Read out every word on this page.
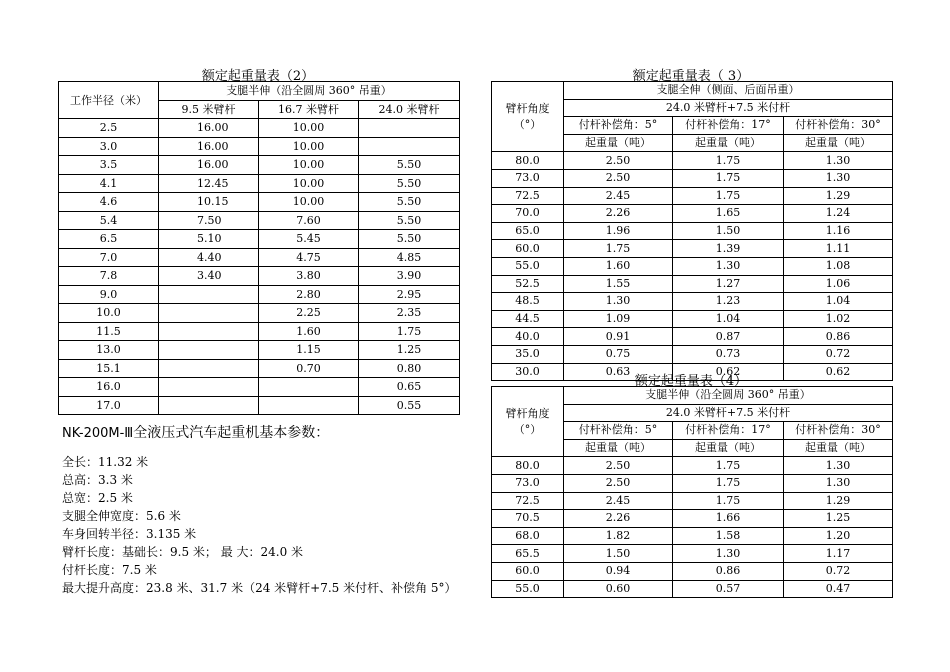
额定起重量表（2）
工作半径（米）	支腿半伸（沿全圆周 360° 吊重）		
	9.5 米臂杆	16.7 米臂杆	24.0 米臂杆
2.5	16.00	10.00	
3.0	16.00	10.00	
3.5	16.00	10.00	5.50
4.1	12.45	10.00	5.50
4.6	10.15	10.00	5.50
5.4	7.50	7.60	5.50
6.5	5.10	5.45	5.50
7.0	4.40	4.75	4.85
7.8	3.40	3.80	3.90
9.0		2.80	2.95
10.0		2.25	2.35
11.5		1.60	1.75
13.0		1.15	1.25
15.1		0.70	0.80
16.0			0.65
17.0			0.55
额定起重量表（ 3）
臂杆角度
（°）	支腿全伸（侧面、后面吊重）		
	24.0 米臂杆+7.5 米付杆		
	付杆补偿角：5°	付杆补偿角：17°	付杆补偿角：30°
	起重量（吨）	起重量（吨）	起重量（吨）
80.0	2.50	1.75	1.30
73.0	2.50	1.75	1.30
72.5	2.45	1.75	1.29
70.0	2.26	1.65	1.24
65.0	1.96	1.50	1.16
60.0	1.75	1.39	1.11
55.0	1.60	1.30	1.08
52.5	1.55	1.27	1.06
48.5	1.30	1.23	1.04
44.5	1.09	1.04	1.02
40.0	0.91	0.87	0.86
35.0	0.75	0.73	0.72
30.0	0.63	0.62	0.62
额定起重量表（4）
臂杆角度
（°）	支腿半伸（沿全圆周 360° 吊重）		
	24.0 米臂杆+7.5 米付杆		
	付杆补偿角：5°	付杆补偿角：17°	付杆补偿角：30°
	起重量（吨）	起重量（吨）	起重量（吨）
80.0	2.50	1.75	1.30
73.0	2.50	1.75	1.30
72.5	2.45	1.75	1.29
70.5	2.26	1.66	1.25
68.0	1.82	1.58	1.20
65.5	1.50	1.30	1.17
60.0	0.94	0.86	0.72
55.0	0.60	0.57	0.47
NK-200M-Ⅲ全液压式汽车起重机基本参数：
全长：11.32 米
总高：3.3 米
总宽：2.5 米
支腿全伸宽度：5.6 米
车身回转半径：3.135 米
臂杆长度：基础长：9.5 米； 最 大：24.0 米
付杆长度：7.5 米
最大提升高度：23.8 米、31.7 米（24 米臂杆+7.5 米付杆、补偿角 5°）
